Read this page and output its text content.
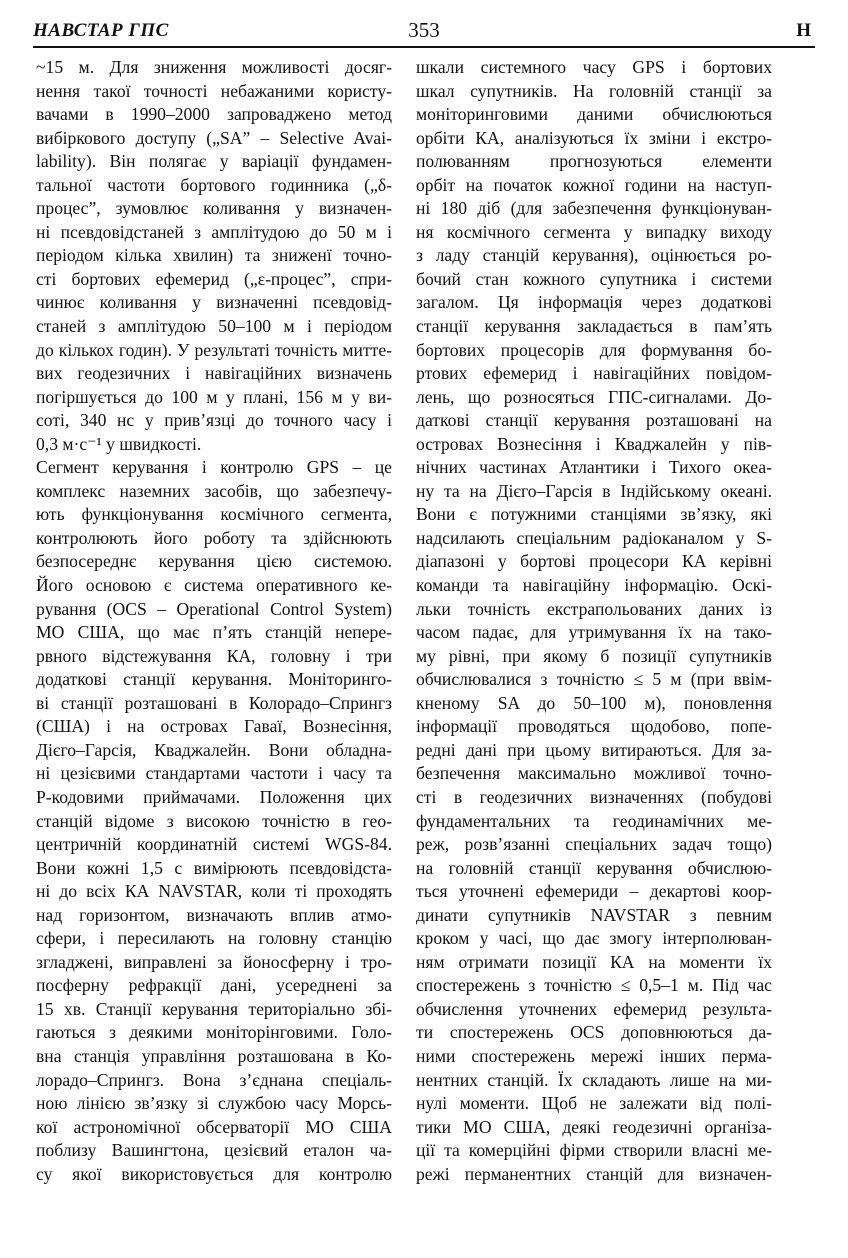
НАВСТАР ГПС	353	Н
~15 м. Для зниження можливості досяг-
нення такої точності небажаними користу-
вачами в 1990–2000 запроваджено метод
вибіркового доступу („SA” – Selective Avai-
lability). Він полягає у варіації фундамен-
тальної частоти бортового годинника („δ-
процес”, зумовлює коливання у визначен-
ні псевдовідстаней з амплітудою до 50 м і
періодом кілька хвилин) та зниженї точно-
сті бортових ефемерид („ε-процес”, спри-
чинює коливання у визначенні псевдовід-
станей з амплітудою 50–100 м і періодом
до кількох годин). У результаті точність митте-
вих геодезичних і навігаційних визначень
погіршується до 100 м у плані, 156 м у ви-
соті, 340 нс у прив’язці до точного часу і
0,3 м·с⁻¹ у швидкості.
Сегмент керування і контролю GPS – це
комплекс наземних засобів, що забезпечу-
ють функціонування космічного сегмента,
контролюють його роботу та здійснюють
безпосереднє керування цією системою.
Його основою є система оперативного ке-
рування (OCS – Operational Control System)
МО США, що має п’ять станцій непере-
рвного відстежування КА, головну і три
додаткові станції керування. Моніторинго-
ві станції розташовані в Колорадо–Спрингз
(США) і на островах Гаваї, Вознесіння,
Дієго–Гарсія, Кваджалейн. Вони обладна-
ні цезієвими стандартами частоти і часу та
Р-кодовими приймачами. Положення цих
станцій відоме з високою точністю в гео-
центричній координатній системі WGS-84.
Вони кожні 1,5 с вимірюють псевдовідста-
ні до всіх КА NAVSTAR, коли ті проходять
над горизонтом, визначають вплив атмо-
сфери, і пересилають на головну станцію
згладжені, виправлені за йоносферну і тро-
посферну рефракції дані, усереднені за
15 хв. Станції керування територіально збі-
гаються з деякими моніторінговими. Голо-
вна станція управління розташована в Ко-
лорадо–Спрингз. Вона з’єднана спеціаль-
ною лінією зв’язку зі службою часу Морсь-
кої астрономічної обсерваторії МО США
поблизу Вашингтона, цезієвий еталон ча-
су якої використовується для контролю
шкали системного часу GPS і бортових
шкал супутників. На головній станції за
моніторинговими даними обчислюються
орбіти КА, аналізуються їх зміни і екстро-
полюванням прогнозуються елементи
орбіт на початок кожної години на наступ-
ні 180 діб (для забезпечення функціонуван-
ня космічного сегмента у випадку виходу
з ладу станцій керування), оцінюється ро-
бочий стан кожного супутника і системи
загалом. Ця інформація через додаткові
станції керування закладається в пам’ять
бортових процесорів для формування бо-
ртових ефемерид і навігаційних повідом-
лень, що розносяться ГПС-сигналами. До-
даткові станції керування розташовані на
островах Вознесіння і Кваджалейн у пів-
нічних частинах Атлантики і Тихого океа-
ну та на Дієго–Гарсія в Індійському океані.
Вони є потужними станціями зв’язку, які
надсилають спеціальним радіоканалом у S-
діапазоні у бортові процесори КА керівні
команди та навігаційну інформацію. Оскі-
льки точність екстрапольованих даних із
часом падає, для утримування їх на тако-
му рівні, при якому б позиції супутників
обчислювалися з точністю ≤ 5 м (при ввім-
кненому SA до 50–100 м), поновлення
інформації проводяться щодобово, попе-
редні дані при цьому витираються. Для за-
безпечення максимально можливої точно-
сті в геодезичних визначеннях (побудові
фундаментальних та геодинамічних ме-
реж, розв’язанні спеціальних задач тощо)
на головній станції керування обчислюю-
ться уточнені ефемериди – декартові коор-
динати супутників NAVSTAR з певним
кроком у часі, що дає змогу інтерполюван-
ням отримати позиції КА на моменти їх
спостережень з точністю ≤ 0,5–1 м. Під час
обчислення уточнених ефемерид результа-
ти спостережень OCS доповнюються да-
ними спостережень мережі інших перма-
нентних станцій. Їх складають лише на ми-
нулі моменти. Щоб не залежати від полі-
тики МО США, деякі геодезичні організа-
ції та комерційні фірми створили власні ме-
режі перманентних станцій для визначен-
